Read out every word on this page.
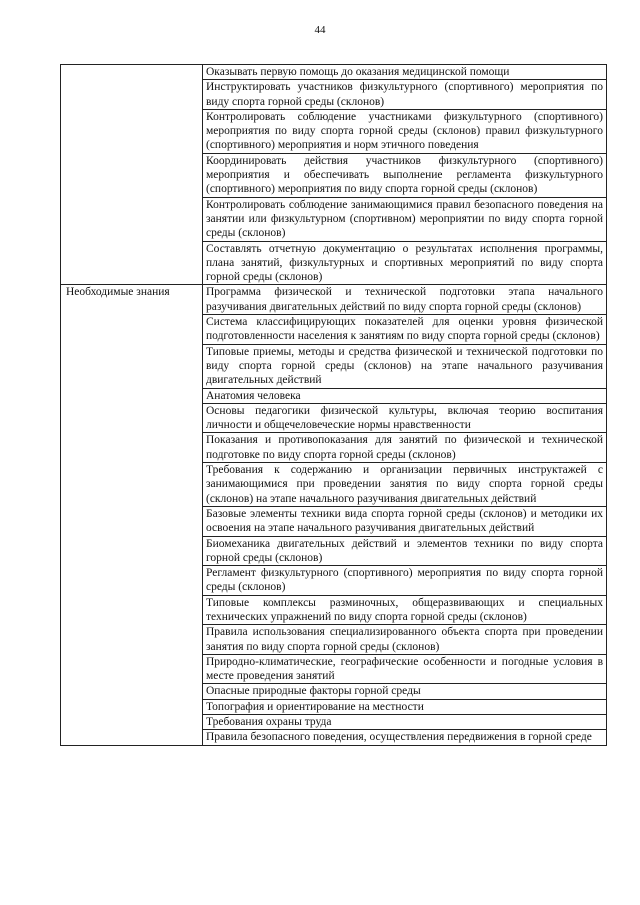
44
	Оказывать первую помощь до оказания медицинской помощи
	Инструктировать участников физкультурного (спортивного) мероприятия по виду спорта горной среды (склонов)
	Контролировать соблюдение участниками физкультурного (спортивного) мероприятия по виду спорта горной среды (склонов) правил физкультурного (спортивного) мероприятия и норм этичного поведения
	Координировать действия участников физкультурного (спортивного) мероприятия и обеспечивать выполнение регламента физкультурного (спортивного) мероприятия по виду спорта горной среды (склонов)
	Контролировать соблюдение занимающимися правил безопасного поведения на занятии или физкультурном (спортивном) мероприятии по виду спорта горной среды (склонов)
	Составлять отчетную документацию о результатах исполнения программы, плана занятий, физкультурных и спортивных мероприятий по виду спорта горной среды (склонов)
Необходимые знания	Программа физической и технической подготовки этапа начального разучивания двигательных действий по виду спорта горной среды (склонов)
	Система классифицирующих показателей для оценки уровня физической подготовленности населения к занятиям по виду спорта горной среды (склонов)
	Типовые приемы, методы и средства физической и технической подготовки по виду спорта горной среды (склонов) на этапе начального разучивания двигательных действий
	Анатомия человека
	Основы педагогики физической культуры, включая теорию воспитания личности и общечеловеческие нормы нравственности
	Показания и противопоказания для занятий по физической и технической подготовке по виду спорта горной среды (склонов)
	Требования к содержанию и организации первичных инструктажей с занимающимися при проведении занятия по виду спорта горной среды (склонов) на этапе начального разучивания двигательных действий
	Базовые элементы техники вида спорта горной среды (склонов) и методики их освоения на этапе начального разучивания двигательных действий
	Биомеханика двигательных действий и элементов техники по виду спорта горной среды (склонов)
	Регламент физкультурного (спортивного) мероприятия по виду спорта горной среды (склонов)
	Типовые комплексы разминочных, общеразвивающих и специальных технических упражнений по виду спорта горной среды (склонов)
	Правила использования специализированного объекта спорта при проведении занятия по виду спорта горной среды (склонов)
	Природно-климатические, географические особенности и погодные условия в месте проведения занятий
	Опасные природные факторы горной среды
	Топография и ориентирование на местности
	Требования охраны труда
	Правила безопасного поведения, осуществления передвижения в горной среде
